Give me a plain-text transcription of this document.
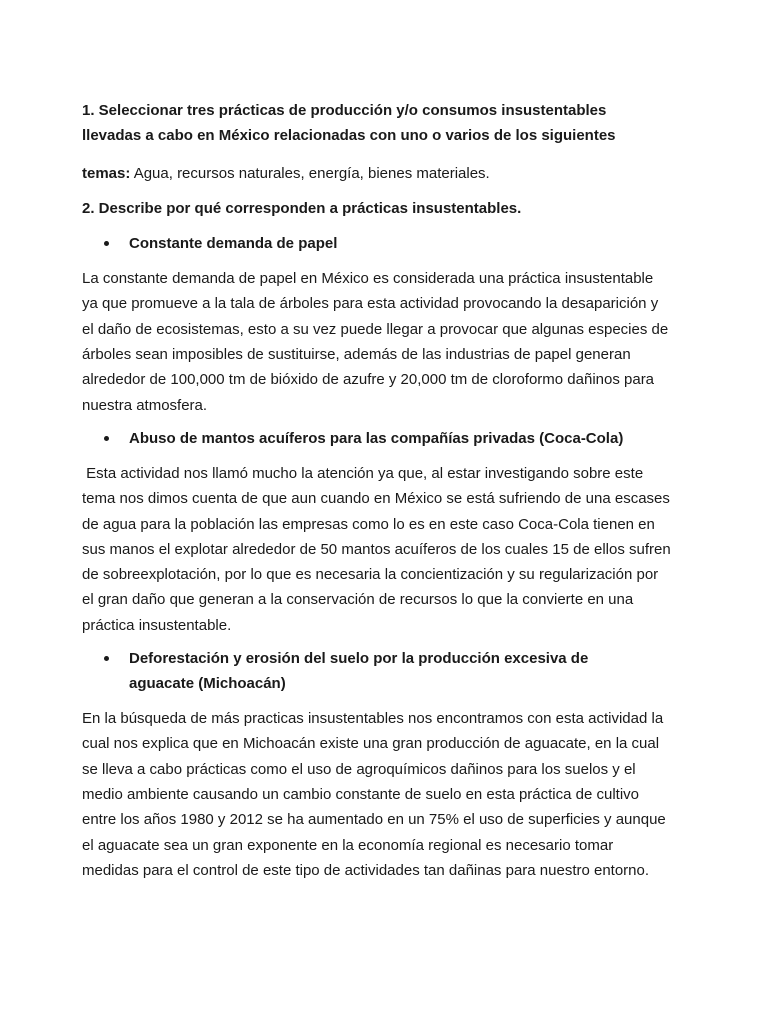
1. Seleccionar tres prácticas de producción y/o consumos insustentables
llevadas a cabo en México relacionadas con uno o varios de los siguientes

temas: Agua, recursos naturales, energía, bienes materiales.

2. Describe por qué corresponden a prácticas insustentables.

Constante demanda de papel

La constante demanda de papel en México es considerada una práctica insustentable
ya que promueve a la tala de árboles para esta actividad provocando la desaparición y
el daño de ecosistemas, esto a su vez puede llegar a provocar que algunas especies de
árboles sean imposibles de sustituirse, además de las industrias de papel generan
alrededor de 100,000 tm de bióxido de azufre y 20,000 tm de cloroformo dañinos para
nuestra atmosfera.

Abuso de mantos acuíferos para las compañías privadas (Coca-Cola)

Esta actividad nos llamó mucho la atención ya que, al estar investigando sobre este
tema nos dimos cuenta de que aun cuando en México se está sufriendo de una escases
de agua para la población las empresas como lo es en este caso Coca-Cola tienen en
sus manos el explotar alrededor de 50 mantos acuíferos de los cuales 15 de ellos sufren
de sobreexplotación, por lo que es necesaria la concientización y su regularización por
el gran daño que generan a la conservación de recursos lo que la convierte en una
práctica insustentable.

Deforestación y erosión del suelo por la producción excesiva de
aguacate (Michoacán)

En la búsqueda de más practicas insustentables nos encontramos con esta actividad la
cual nos explica que en Michoacán existe una gran producción de aguacate, en la cual
se lleva a cabo prácticas como el uso de agroquímicos dañinos para los suelos y el
medio ambiente causando un cambio constante de suelo en esta práctica de cultivo
entre los años 1980 y 2012 se ha aumentado en un 75% el uso de superficies y aunque
el aguacate sea un gran exponente en la economía regional es necesario tomar
medidas para el control de este tipo de actividades tan dañinas para nuestro entorno.
